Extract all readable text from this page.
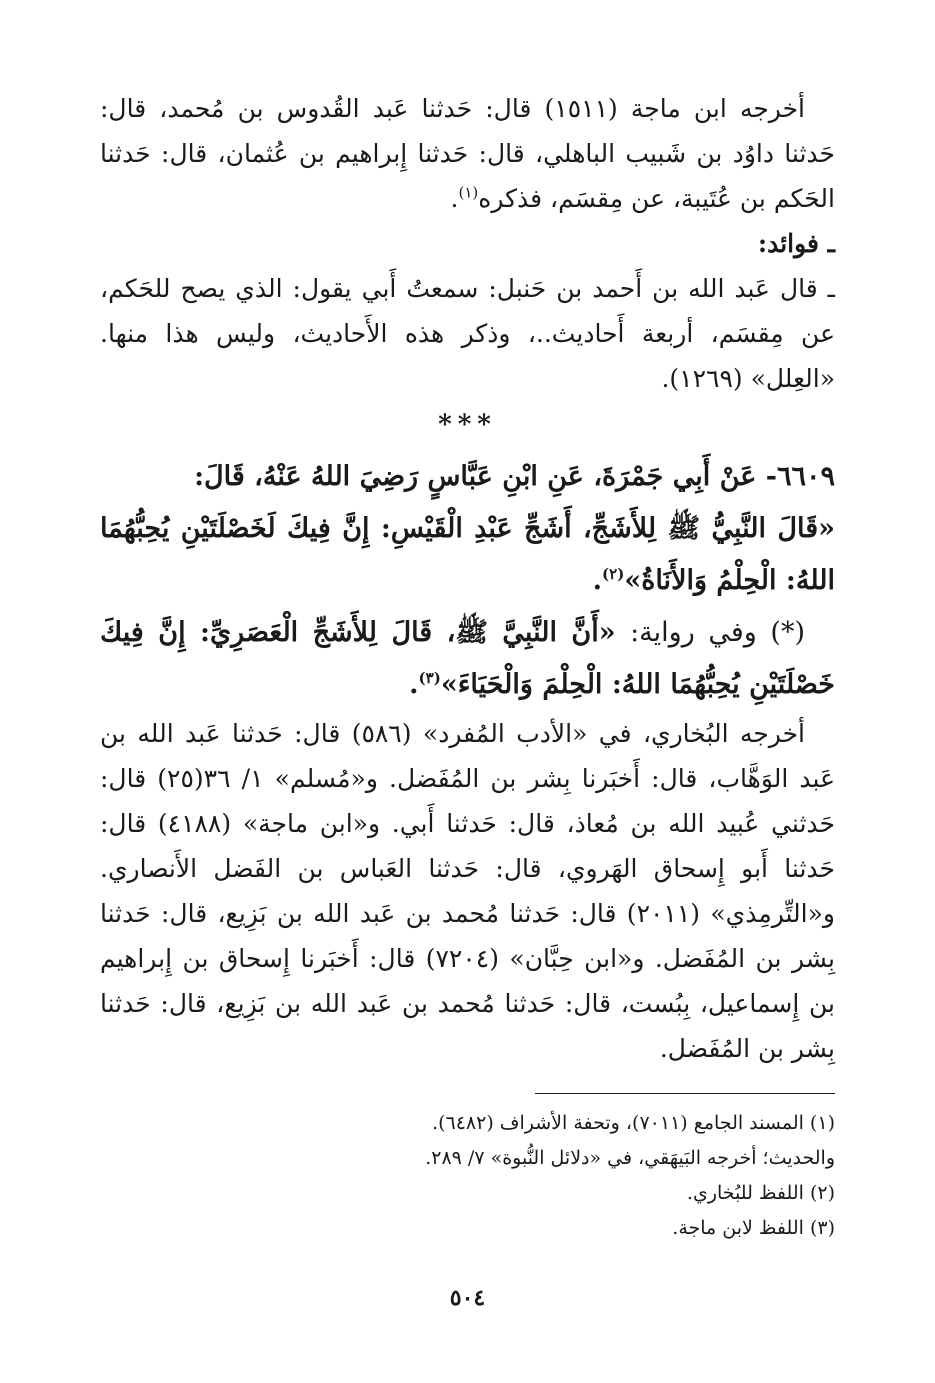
أخرجه ابن ماجة (١٥١١) قال: حَدثنا عَبد القُدوس بن مُحمد، قال: حَدثنا داوُد بن شَبيب الباهلي، قال: حَدثنا إِبراهيم بن عُثمان، قال: حَدثنا الحَكم بن عُتَيبة، عن مِقسَم، فذكره$^{(١)}$.

ـ فوائد:

ـ قال عَبد الله بن أَحمد بن حَنبل: سمعتُ أَبي يقول: الذي يصح للحَكم، عن مِقسَم، أربعة أَحاديث..، وذكر هذه الأَحاديث، وليس هذا منها. «العِلل» (١٢٦٩).

***

٦٦٠٩- عَنْ أَبِي جَمْرَةَ، عَنِ ابْنِ عَبَّاسٍ رَضِيَ اللهُ عَنْهُ، قَالَ:

«قَالَ النَّبِيُّ ﷺ لِلأَشَجِّ، أَشَجِّ عَبْدِ الْقَيْسِ: إِنَّ فِيكَ لَخَصْلَتَيْنِ يُحِبُّهُمَا اللهُ: الْحِلْمُ وَالأَنَاةُ»$^{(٢)}$.

(*) وفي رواية: «أَنَّ النَّبِيَّ ﷺ، قَالَ لِلأَشَجِّ الْعَصَرِيِّ: إِنَّ فِيكَ خَصْلَتَيْنِ يُحِبُّهُمَا اللهُ: الْحِلْمَ وَالْحَيَاءَ»$^{(٣)}$.

أخرجه البُخاري، في «الأدب المُفرد» (٥٨٦) قال: حَدثنا عَبد الله بن عَبد الوَهَّاب، قال: أَخبَرنا بِشر بن المُفَضل. و«مُسلم» ١/ ٣٦(٢٥) قال: حَدثني عُبيد الله بن مُعاذ، قال: حَدثنا أَبي. و«ابن ماجة» (٤١٨٨) قال: حَدثنا أَبو إِسحاق الهَروي، قال: حَدثنا العَباس بن الفَضل الأَنصاري. و«التِّرمِذي» (٢٠١١) قال: حَدثنا مُحمد بن عَبد الله بن بَزِيع، قال: حَدثنا بِشر بن المُفَضل. و«ابن حِبَّان» (٧٢٠٤) قال: أَخبَرنا إِسحاق بن إِبراهيم بن إِسماعيل، بِبُست، قال: حَدثنا مُحمد بن عَبد الله بن بَزِيع، قال: حَدثنا بِشر بن المُفَضل.

(١) المسند الجامع (٧٠١١)، وتحفة الأشراف (٦٤٨٢).

والحديث؛ أخرجه البَيهَقي، في «دلائل النُّبوة» ٧/ ٢٨٩.

(٢) اللفظ للبُخاري.

(٣) اللفظ لابن ماجة.

٥٠٤
